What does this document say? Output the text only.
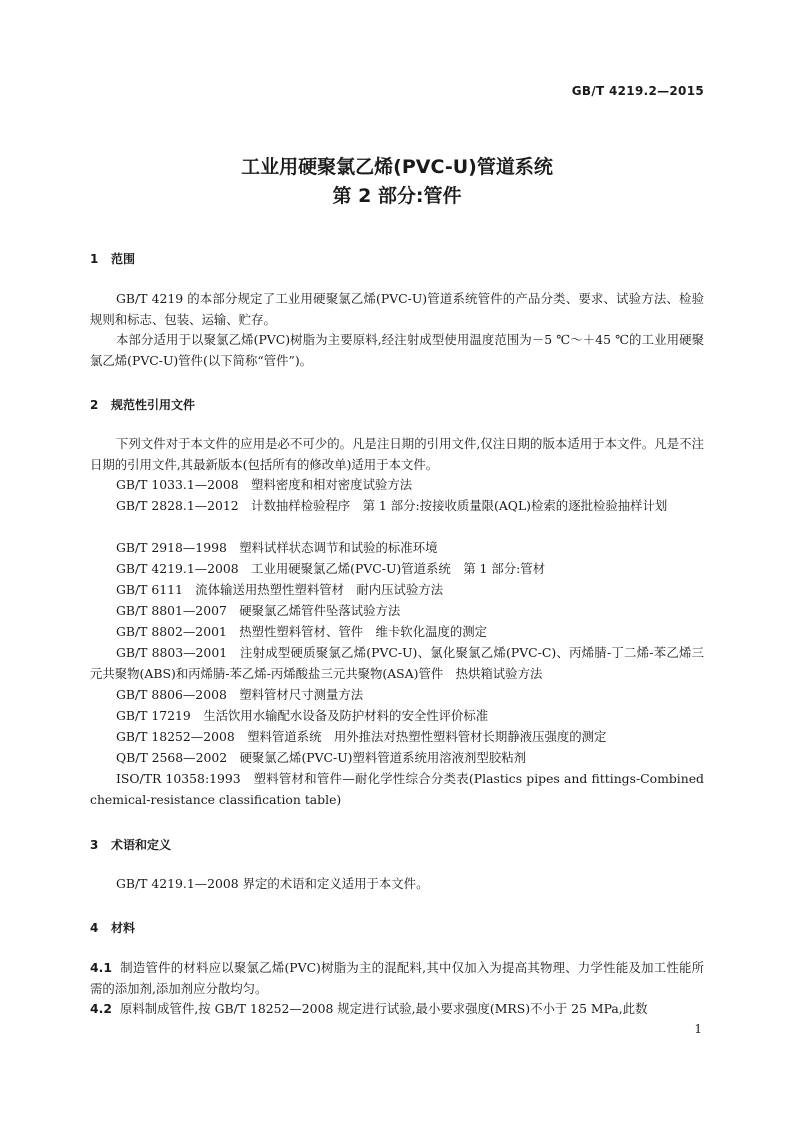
GB/T 4219.2—2015
工业用硬聚氯乙烯(PVC-U)管道系统
第 2 部分:管件
1 范围

GB/T 4219 的本部分规定了工业用硬聚氯乙烯(PVC-U)管道系统管件的产品分类、要求、试验方法、检验规则和标志、包装、运输、贮存。

本部分适用于以聚氯乙烯(PVC)树脂为主要原料,经注射成型使用温度范围为－5 ℃～＋45 ℃的工业用硬聚氯乙烯(PVC-U)管件(以下简称“管件”)。

2 规范性引用文件

下列文件对于本文件的应用是必不可少的。凡是注日期的引用文件,仅注日期的版本适用于本文件。凡是不注日期的引用文件,其最新版本(包括所有的修改单)适用于本文件。

GB/T 1033.1—2008　塑料密度和相对密度试验方法

GB/T 2828.1—2012　计数抽样检验程序　第 1 部分:按接收质量限(AQL)检索的逐批检验抽样计划

GB/T 2918—1998　塑料试样状态调节和试验的标准环境

GB/T 4219.1—2008　工业用硬聚氯乙烯(PVC-U)管道系统　第 1 部分:管材

GB/T 6111　流体输送用热塑性塑料管材　耐内压试验方法

GB/T 8801—2007　硬聚氯乙烯管件坠落试验方法

GB/T 8802—2001　热塑性塑料管材、管件　维卡软化温度的测定

GB/T 8803—2001　注射成型硬质聚氯乙烯(PVC-U)、氯化聚氯乙烯(PVC-C)、丙烯腈-丁二烯-苯乙烯三元共聚物(ABS)和丙烯腈-苯乙烯-丙烯酸盐三元共聚物(ASA)管件　热烘箱试验方法

GB/T 8806—2008　塑料管材尺寸测量方法

GB/T 17219　生活饮用水输配水设备及防护材料的安全性评价标准

GB/T 18252—2008　塑料管道系统　用外推法对热塑性塑料管材长期静液压强度的测定

QB/T 2568—2002　硬聚氯乙烯(PVC-U)塑料管道系统用溶液剂型胶粘剂

ISO/TR 10358:1993　塑料管材和管件—耐化学性综合分类表(Plastics pipes and fittings-Combined chemical-resistance classification table)

3 术语和定义

GB/T 4219.1—2008 界定的术语和定义适用于本文件。

4 材料

4.1 制造管件的材料应以聚氯乙烯(PVC)树脂为主的混配料,其中仅加入为提高其物理、力学性能及加工性能所需的添加剂,添加剂应分散均匀。

4.2 原料制成管件,按 GB/T 18252—2008 规定进行试验,最小要求强度(MRS)不小于 25 MPa,此数

1
